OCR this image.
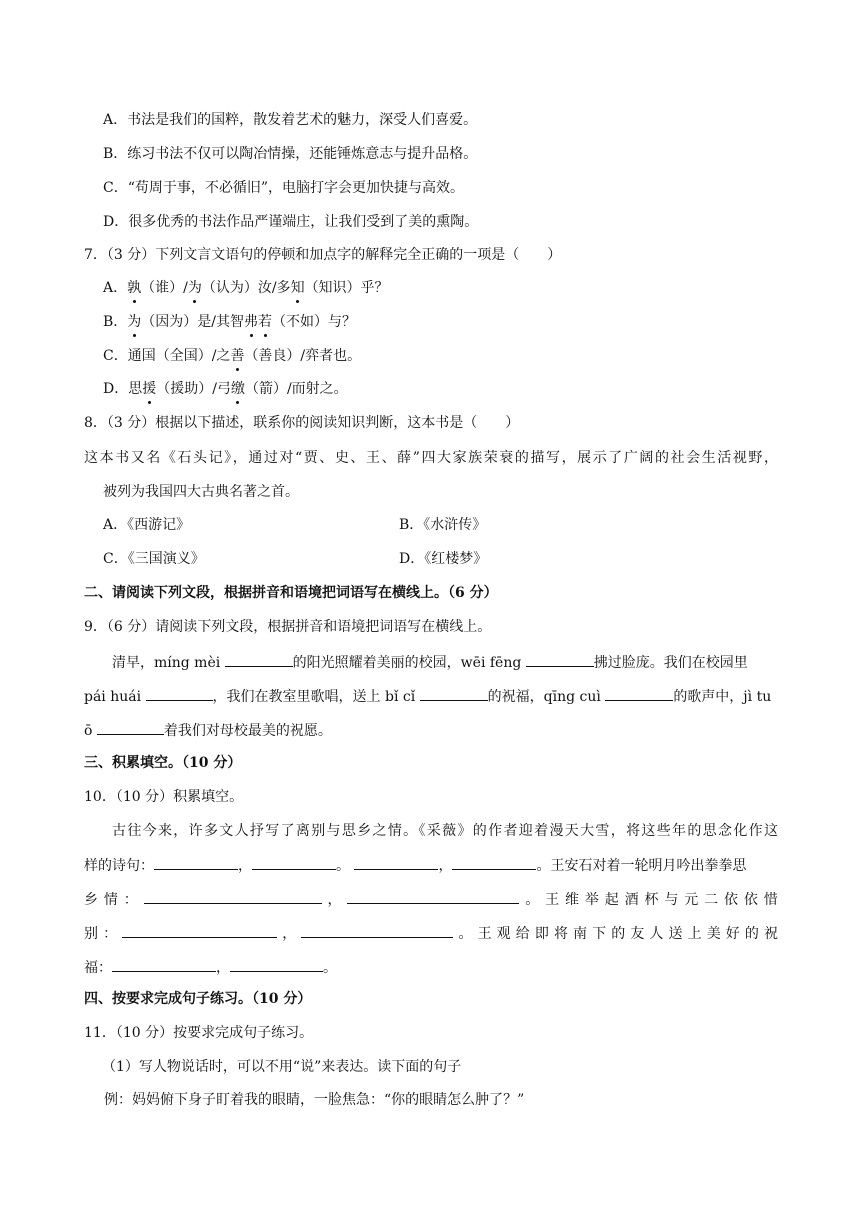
A．书法是我们的国粹，散发着艺术的魅力，深受人们喜爱。
B．练习书法不仅可以陶冶情操，还能锤炼意志与提升品格。
C．“苟周于事，不必循旧”，电脑打字会更加快捷与高效。
D．很多优秀的书法作品严谨端庄，让我们受到了美的熏陶。
7．（3 分）下列文言文语句的停顿和加点字的解释完全正确的一项是（　　）
A．孰（谁）/为（认为）汝/多知（知识）乎？
B．为（因为）是/其智弗若（不如）与？
C．通国（全国）/之善（善良）/弈者也。
D．思援（援助）/弓缴（箭）/而射之。
8．（3 分）根据以下描述，联系你的阅读知识判断，这本书是（　　）
这本书又名《石头记》，通过对“贾、史、王、薛”四大家族荣衰的描写，展示了广阔的社会生活视野，
被列为我国四大古典名著之首。
A．《西游记》	B．《水浒传》
C．《三国演义》	D．《红楼梦》
二、请阅读下列文段，根据拼音和语境把词语写在横线上。（6 分）
9．（6 分）请阅读下列文段，根据拼音和语境把词语写在横线上。
清早，míng mèi	的阳光照耀着美丽的校园，wēi fēng	拂过脸庞。我们在校园里
pái huái	，我们在教室里歌唱，送上 bǐ cǐ	的祝福，qīng cuì	的歌声中，jì tu
ō	着我们对母校最美的祝愿。
三、积累填空。（10 分）
10．（10 分）积累填空。
古往今来，许多文人抒写了离别与思乡之情。《采薇》的作者迎着漫天大雪，将这些年的思念化作这
样的诗句：	，	。	，	。王安石对着一轮明月吟出拳拳思
乡 情 ：	，	。 王 维 举 起 酒 杯 与 元 二 依 依 惜
别 ：	，	。 王 观 给 即 将 南 下 的 友 人 送 上 美 好 的 祝
福：	，	。
四、按要求完成句子练习。（10 分）
11．（10 分）按要求完成句子练习。
（1）写人物说话时，可以不用“说”来表达。读下面的句子
例：妈妈俯下身子盯着我的眼睛，一脸焦急：“你的眼睛怎么肿了？”
